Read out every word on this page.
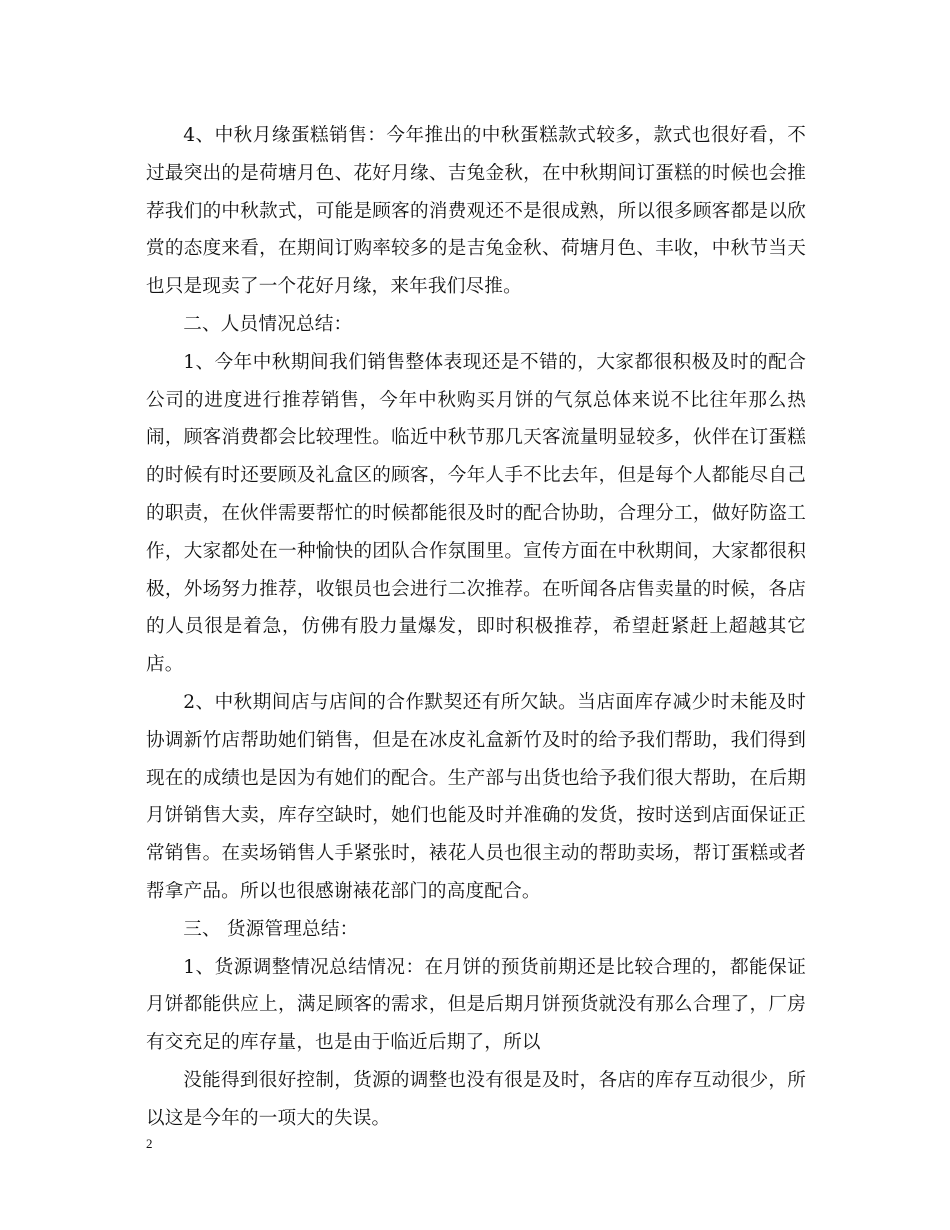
4、中秋月缘蛋糕销售：今年推出的中秋蛋糕款式较多，款式也很好看，不过最突出的是荷塘月色、花好月缘、吉兔金秋，在中秋期间订蛋糕的时候也会推荐我们的中秋款式，可能是顾客的消费观还不是很成熟，所以很多顾客都是以欣赏的态度来看，在期间订购率较多的是吉兔金秋、荷塘月色、丰收，中秋节当天也只是现卖了一个花好月缘，来年我们尽推。

二、人员情况总结：

1、今年中秋期间我们销售整体表现还是不错的，大家都很积极及时的配合公司的进度进行推荐销售，今年中秋购买月饼的气氛总体来说不比往年那么热闹，顾客消费都会比较理性。临近中秋节那几天客流量明显较多，伙伴在订蛋糕的时候有时还要顾及礼盒区的顾客，今年人手不比去年，但是每个人都能尽自己的职责，在伙伴需要帮忙的时候都能很及时的配合协助，合理分工，做好防盗工作，大家都处在一种愉快的团队合作氛围里。宣传方面在中秋期间，大家都很积极，外场努力推荐，收银员也会进行二次推荐。在听闻各店售卖量的时候，各店的人员很是着急，仿佛有股力量爆发，即时积极推荐，希望赶紧赶上超越其它店。

2、中秋期间店与店间的合作默契还有所欠缺。当店面库存减少时未能及时协调新竹店帮助她们销售，但是在冰皮礼盒新竹及时的给予我们帮助，我们得到现在的成绩也是因为有她们的配合。生产部与出货也给予我们很大帮助，在后期月饼销售大卖，库存空缺时，她们也能及时并准确的发货，按时送到店面保证正常销售。在卖场销售人手紧张时，裱花人员也很主动的帮助卖场，帮订蛋糕或者帮拿产品。所以也很感谢裱花部门的高度配合。

三、 货源管理总结：

1、货源调整情况总结情况：在月饼的预货前期还是比较合理的，都能保证月饼都能供应上，满足顾客的需求，但是后期月饼预货就没有那么合理了，厂房有交充足的库存量，也是由于临近后期了，所以

没能得到很好控制，货源的调整也没有很是及时，各店的库存互动很少，所以这是今年的一项大的失误。

2
